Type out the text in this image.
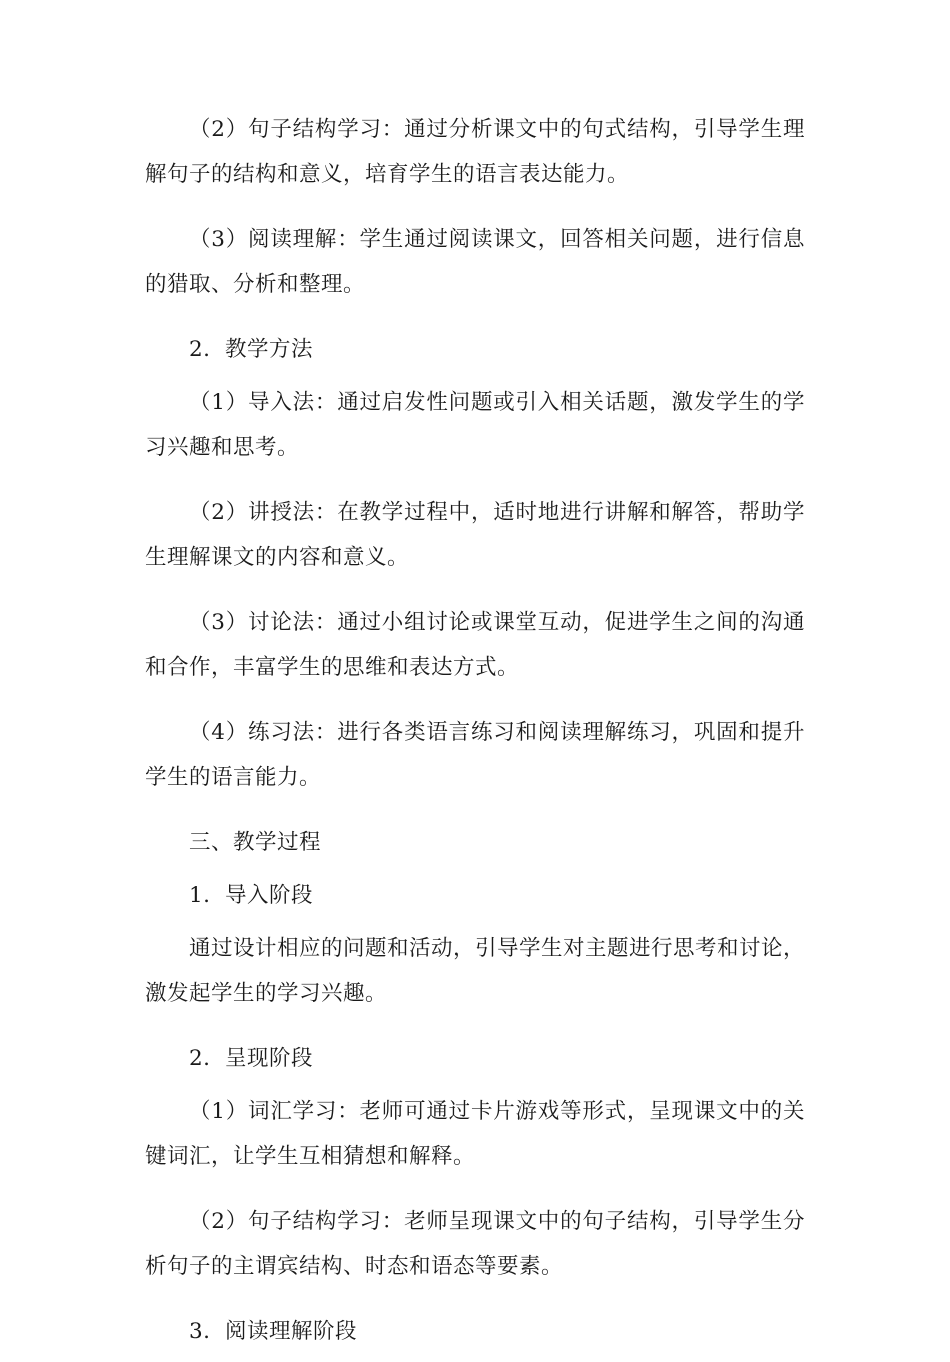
（2）句子结构学习：通过分析课文中的句式结构，引导学生理解句子的结构和意义，培育学生的语言表达能力。

（3）阅读理解：学生通过阅读课文，回答相关问题，进行信息的猎取、分析和整理。

2. 教学方法

（1）导入法：通过启发性问题或引入相关话题，激发学生的学习兴趣和思考。

（2）讲授法：在教学过程中，适时地进行讲解和解答，帮助学生理解课文的内容和意义。

（3）讨论法：通过小组讨论或课堂互动，促进学生之间的沟通和合作，丰富学生的思维和表达方式。

（4）练习法：进行各类语言练习和阅读理解练习，巩固和提升学生的语言能力。

三、教学过程

1. 导入阶段

通过设计相应的问题和活动，引导学生对主题进行思考和讨论，激发起学生的学习兴趣。

2. 呈现阶段

（1）词汇学习：老师可通过卡片游戏等形式，呈现课文中的关键词汇，让学生互相猜想和解释。

（2）句子结构学习：老师呈现课文中的句子结构，引导学生分析句子的主谓宾结构、时态和语态等要素。

3. 阅读理解阶段
